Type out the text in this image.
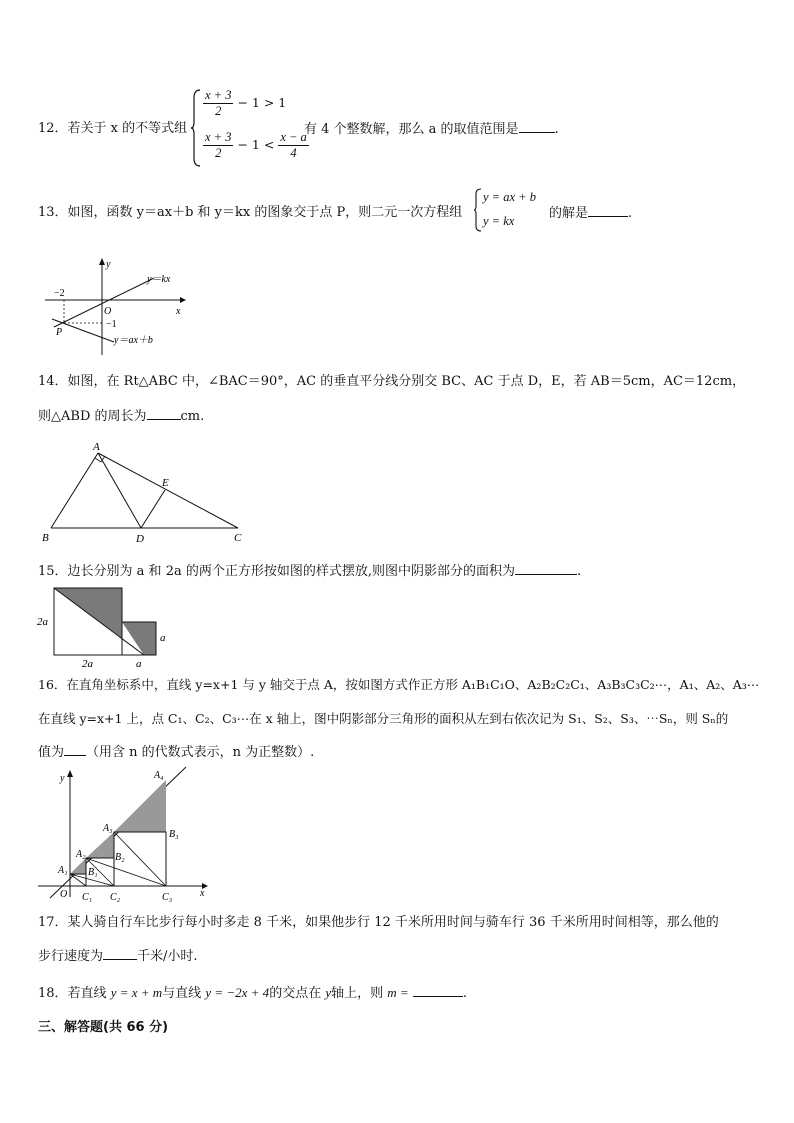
12．若关于 x 的不等式组
$\frac{x + 3}{2} - 1 > 1$
$\frac{x + 3}{2} - 1 < \frac{x - a}{4}$
有 4 个整数解，那么 a 的取值范围是	.
13．如图，函数 y＝ax＋b 和 y＝kx 的图象交于点 P，则二元一次方程组
y = ax + b
y = kx	的解是	.
y
x
O
y＝kx
y＝ax＋b
−2
−1
P
14．如图，在 Rt△ABC 中，∠BAC＝90°，AC 的垂直平分线分别交 BC、AC 于点 D，E，若 AB＝5cm，AC＝12cm，
则△ABD 的周长为	cm.
A
B	C
D
E
15．边长分别为 a 和 2a 的两个正方形按如图的样式摆放,则图中阴影部分的面积为	.
2a
2a	a
a
16．在直角坐标系中，直线 y=x+1 与 y 轴交于点 A，按如图方式作正方形 A₁B₁C₁O、A₂B₂C₂C₁、A₃B₃C₃C₂⋯，A₁、A₂、A₃⋯
在直线 y=x+1 上，点 C₁、C₂、C₃⋯在 x 轴上，图中阴影部分三角形的面积从左到右依次记为 S₁、S₂、S₃、⋯Sₙ，则 Sₙ的
值为 （用含 n 的代数式表示，n 为正整数）.
y
x
O
A₁
A₂
A₃
A₄
B₁
B₂
B₃
C₁ C₂	C₃
17．某人骑自行车比步行每小时多走 8 千米，如果他步行 12 千米所用时间与骑车行 36 千米所用时间相等，那么他的
步行速度为	千米/小时.
18．若直线 y = x + m与直线 y = −2x + 4的交点在 y轴上，则 m =	.
三、解答题(共 66 分)
